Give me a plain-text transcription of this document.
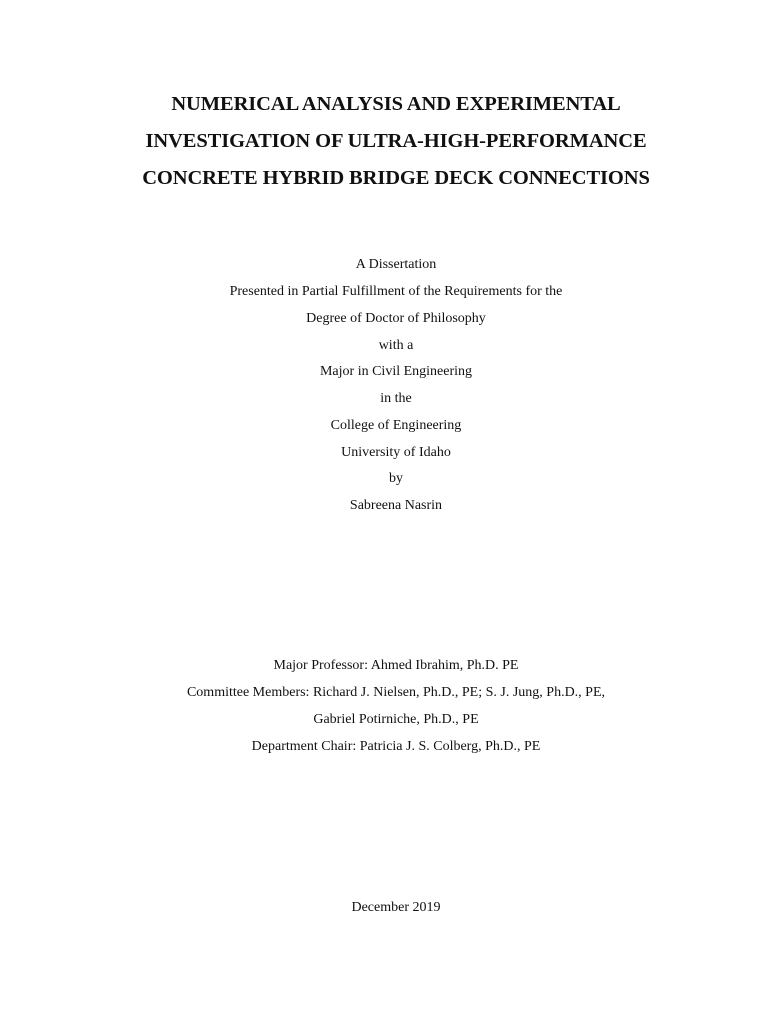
NUMERICAL ANALYSIS AND EXPERIMENTAL
INVESTIGATION OF ULTRA-HIGH-PERFORMANCE
CONCRETE HYBRID BRIDGE DECK CONNECTIONS
A Dissertation
Presented in Partial Fulfillment of the Requirements for the
Degree of Doctor of Philosophy
with a
Major in Civil Engineering
in the
College of Engineering
University of Idaho
by
Sabreena Nasrin
Major Professor: Ahmed Ibrahim, Ph.D. PE
Committee Members: Richard J. Nielsen, Ph.D., PE; S. J. Jung, Ph.D., PE,
Gabriel Potirniche, Ph.D., PE
Department Chair: Patricia J. S. Colberg, Ph.D., PE
December 2019
